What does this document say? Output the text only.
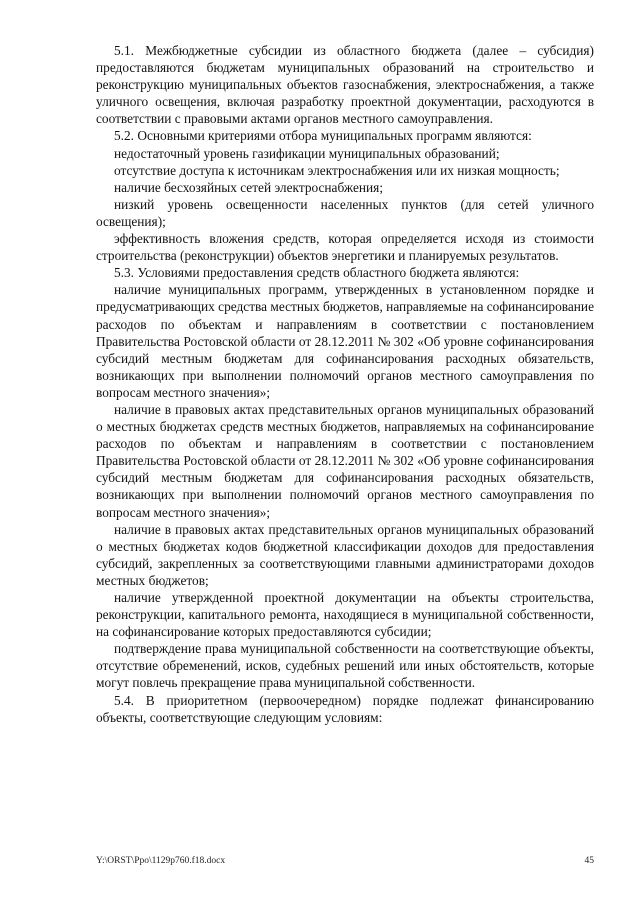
5.1. Межбюджетные субсидии из областного бюджета (далее – субсидия) предоставляются бюджетам муниципальных образований на строительство и реконструкцию муниципальных объектов газоснабжения, электроснабжения, а также уличного освещения, включая разработку проектной документации, расходуются в соответствии с правовыми актами органов местного самоуправления.

5.2. Основными критериями отбора муниципальных программ являются:

недостаточный уровень газификации муниципальных образований;

отсутствие доступа к источникам электроснабжения или их низкая мощность;

наличие бесхозяйных сетей электроснабжения;

низкий уровень освещенности населенных пунктов (для сетей уличного освещения);

эффективность вложения средств, которая определяется исходя из стоимости строительства (реконструкции) объектов энергетики и планируемых результатов.

5.3. Условиями предоставления средств областного бюджета являются:

наличие муниципальных программ, утвержденных в установленном порядке и предусматривающих средства местных бюджетов, направляемые на софинансирование расходов по объектам и направлениям в соответствии с постановлением Правительства Ростовской области от 28.12.2011 № 302 «Об уровне софинансирования субсидий местным бюджетам для софинансирования расходных обязательств, возникающих при выполнении полномочий органов местного самоуправления по вопросам местного значения»;

наличие в правовых актах представительных органов муниципальных образований о местных бюджетах средств местных бюджетов, направляемых на софинансирование расходов по объектам и направлениям в соответствии с постановлением Правительства Ростовской области от 28.12.2011 № 302 «Об уровне софинансирования субсидий местным бюджетам для софинансирования расходных обязательств, возникающих при выполнении полномочий органов местного самоуправления по вопросам местного значения»;

наличие в правовых актах представительных органов муниципальных образований о местных бюджетах кодов бюджетной классификации доходов для предоставления субсидий, закрепленных за соответствующими главными администраторами доходов местных бюджетов;

наличие утвержденной проектной документации на объекты строительства, реконструкции, капитального ремонта, находящиеся в муниципальной собственности, на софинансирование которых предоставляются субсидии;

подтверждение права муниципальной собственности на соответствующие объекты, отсутствие обременений, исков, судебных решений или иных обстоятельств, которые могут повлечь прекращение права муниципальной собственности.

5.4. В приоритетном (первоочередном) порядке подлежат финансированию объекты, соответствующие следующим условиям:

Y:\ORST\Ppo\1129p760.f18.docx	45
